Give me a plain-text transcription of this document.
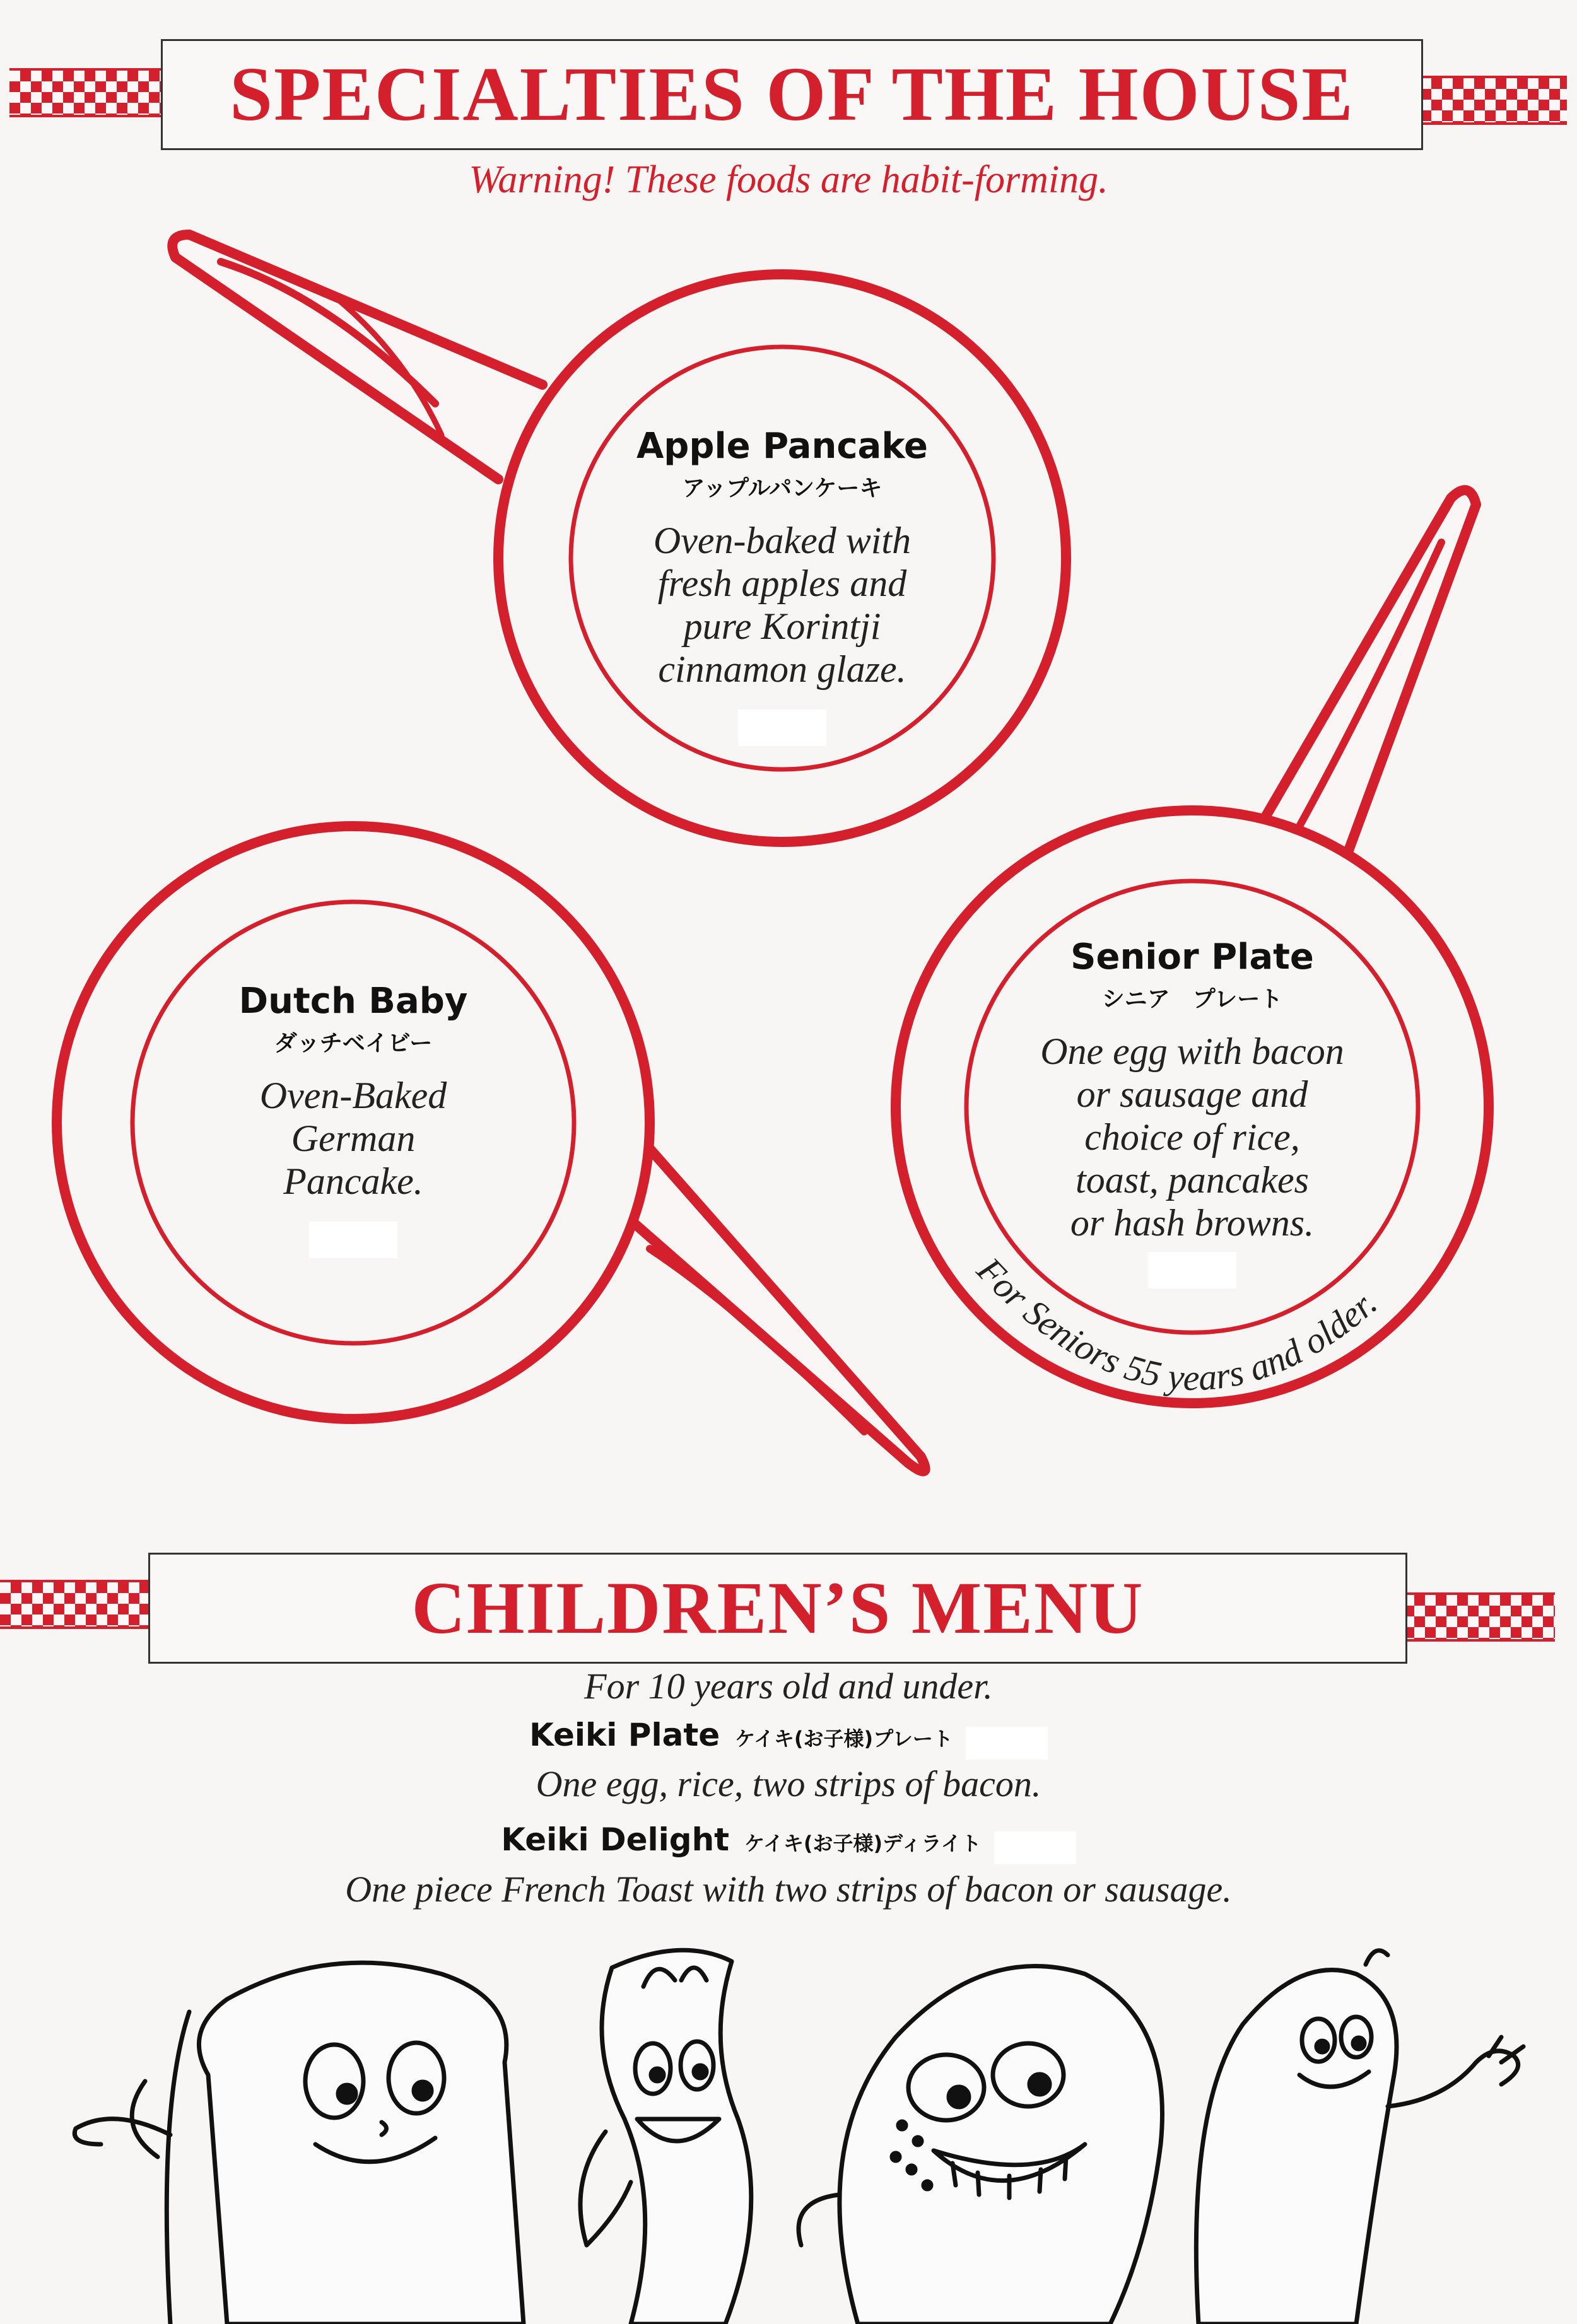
SPECIALTIES OF THE HOUSE
Warning! These foods are habit-forming.
For Seniors 55 years and older.
Apple Pancake
アップルパンケーキ
Oven-baked with
fresh apples and
pure Korintji
cinnamon glaze.
Dutch Baby
ダッチベイビー
Oven-Baked
German
Pancake.
Senior Plate
シニア　プレート
One egg with bacon
or sausage and
choice of rice,
toast, pancakes
or hash browns.
CHILDREN’S MENU
For 10 years old and under.
Keiki Plate ケイキ(お子様)プレート
One egg, rice, two strips of bacon.
Keiki Delight ケイキ(お子様)ディライト
One piece French Toast with two strips of bacon or sausage.
